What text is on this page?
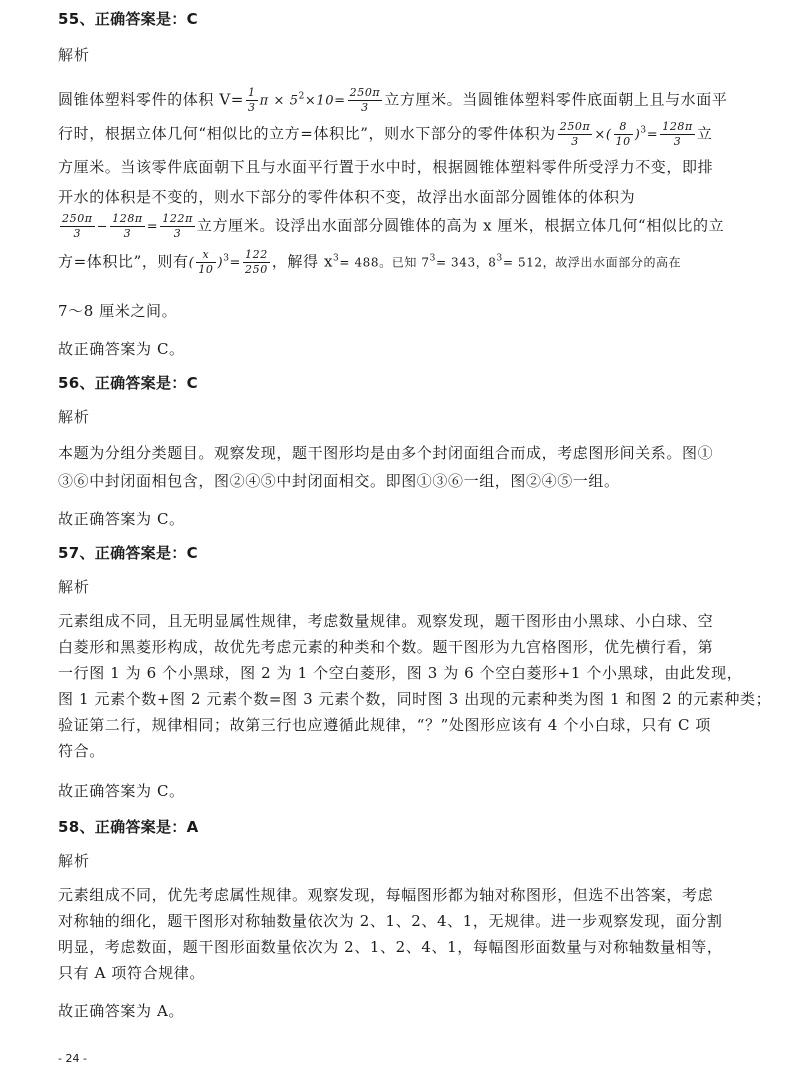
55、正确答案是：C
解析
圆锥体塑料零件的体积 $V= \frac{1}{3}$ $\pi \times 5^2\times 10= \frac{250\pi}{3}$ 立方厘米。当圆锥体塑料零件底面朝上且与水面平
行时，根据立体几何“相似比的立方=体积比”，则水下部分的零件体积为 $\frac{250\pi}{3}$ ×( $\frac{8}{10} )^3= \frac{128\pi}{3}$ 立
方厘米。当该零件底面朝下且与水面平行置于水中时，根据圆锥体塑料零件所受浮力不变，即排
开水的体积是不变的，则水下部分的零件体积不变，故浮出水面部分圆锥体的体积为
$\frac{250\pi}{3} - \frac{128\pi}{3} = \frac{122\pi}{3}$ 立方厘米。设浮出水面部分圆锥体的高为 x 厘米，根据立体几何“相似比的立
方=体积比”，则有( $\frac{x}{10} )^3= \frac{122}{250}$ ，解得 $x^3= 488$。已知 $7^3= 343$，$8^3= 512$，故浮出水面部分的高在
7～8 厘米之间。
故正确答案为 C。
56、正确答案是：C
解析
本题为分组分类题目。观察发现，题干图形均是由多个封闭面组合而成，考虑图形间关系。图①
③⑥中封闭面相包含，图②④⑤中封闭面相交。即图①③⑥一组，图②④⑤一组。
故正确答案为 C。
57、正确答案是：C
解析
元素组成不同，且无明显属性规律，考虑数量规律。观察发现，题干图形由小黑球、小白球、空
白菱形和黑菱形构成，故优先考虑元素的种类和个数。题干图形为九宫格图形，优先横行看，第
一行图 1 为 6 个小黑球，图 2 为 1 个空白菱形，图 3 为 6 个空白菱形+1 个小黑球，由此发现，
图 1 元素个数+图 2 元素个数=图 3 元素个数，同时图 3 出现的元素种类为图 1 和图 2 的元素种类；
验证第二行，规律相同；故第三行也应遵循此规律，“？”处图形应该有 4 个小白球，只有 C 项
符合。
故正确答案为 C。
58、正确答案是：A
解析
元素组成不同，优先考虑属性规律。观察发现，每幅图形都为轴对称图形，但选不出答案，考虑
对称轴的细化，题干图形对称轴数量依次为 2、1、2、4、1，无规律。进一步观察发现，面分割
明显，考虑数面，题干图形面数量依次为 2、1、2、4、1，每幅图形面数量与对称轴数量相等，
只有 A 项符合规律。
故正确答案为 A。
- 24 -
